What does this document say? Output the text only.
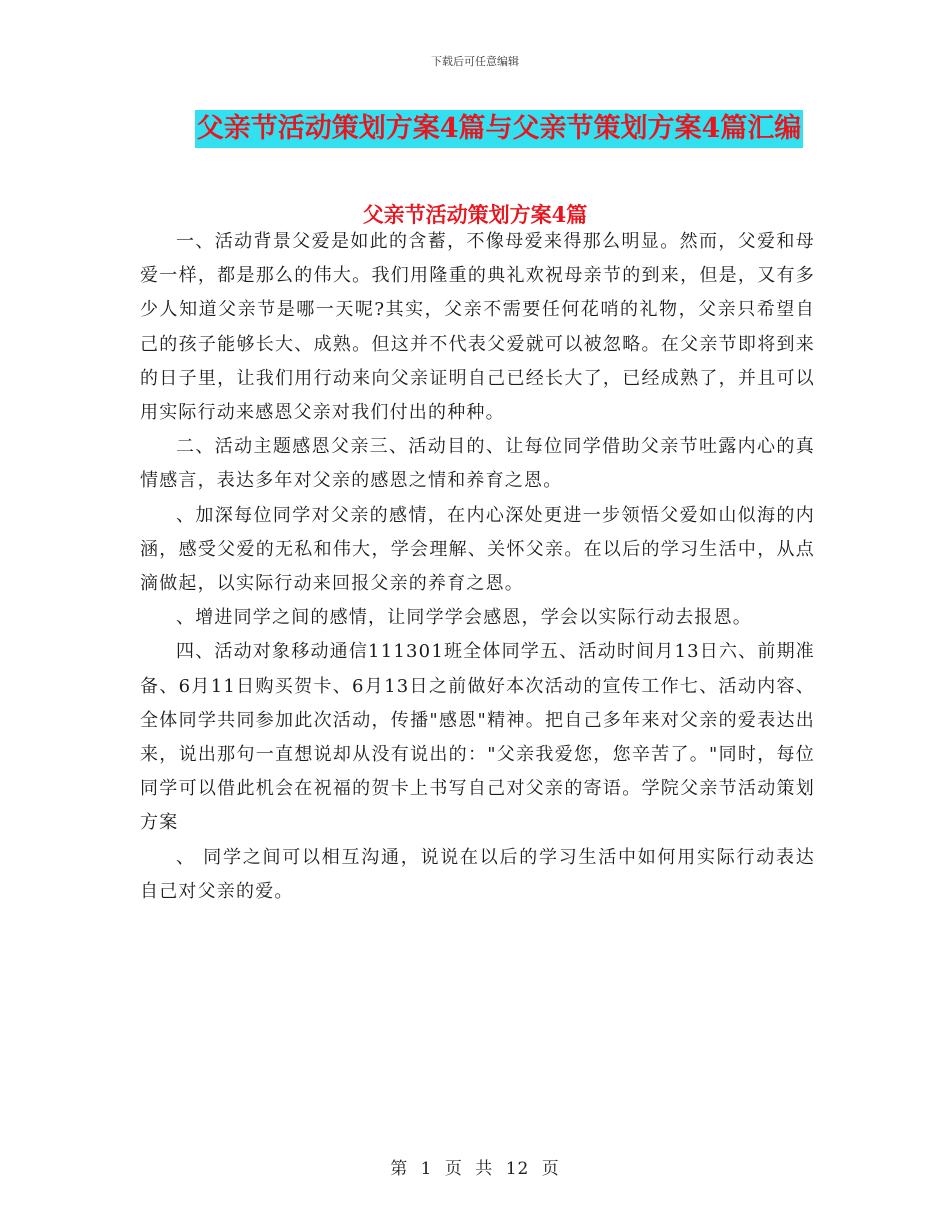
下载后可任意编辑
父亲节活动策划方案4篇与父亲节策划方案4篇汇编
父亲节活动策划方案4篇

一、活动背景父爱是如此的含蓄，不像母爱来得那么明显。然而，父爱和母爱一样，都是那么的伟大。我们用隆重的典礼欢祝母亲节的到来，但是，又有多少人知道父亲节是哪一天呢?其实，父亲不需要任何花哨的礼物，父亲只希望自己的孩子能够长大、成熟。但这并不代表父爱就可以被忽略。在父亲节即将到来的日子里，让我们用行动来向父亲证明自己已经长大了，已经成熟了，并且可以用实际行动来感恩父亲对我们付出的种种。

二、活动主题感恩父亲三、活动目的、让每位同学借助父亲节吐露内心的真情感言，表达多年对父亲的感恩之情和养育之恩。

、加深每位同学对父亲的感情，在内心深处更进一步领悟父爱如山似海的内涵，感受父爱的无私和伟大，学会理解、关怀父亲。在以后的学习生活中，从点滴做起，以实际行动来回报父亲的养育之恩。

、增进同学之间的感情，让同学学会感恩，学会以实际行动去报恩。

四、活动对象移动通信111301班全体同学五、活动时间月13日六、前期准备、6月11日购买贺卡、6月13日之前做好本次活动的宣传工作七、活动内容、 全体同学共同参加此次活动，传播"感恩"精神。把自己多年来对父亲的爱表达出来，说出那句一直想说却从没有说出的："父亲我爱您，您辛苦了。"同时，每位同学可以借此机会在祝福的贺卡上书写自己对父亲的寄语。学院父亲节活动策划方案

、 同学之间可以相互沟通，说说在以后的学习生活中如何用实际行动表达自己对父亲的爱。

第 1 页 共 12 页
